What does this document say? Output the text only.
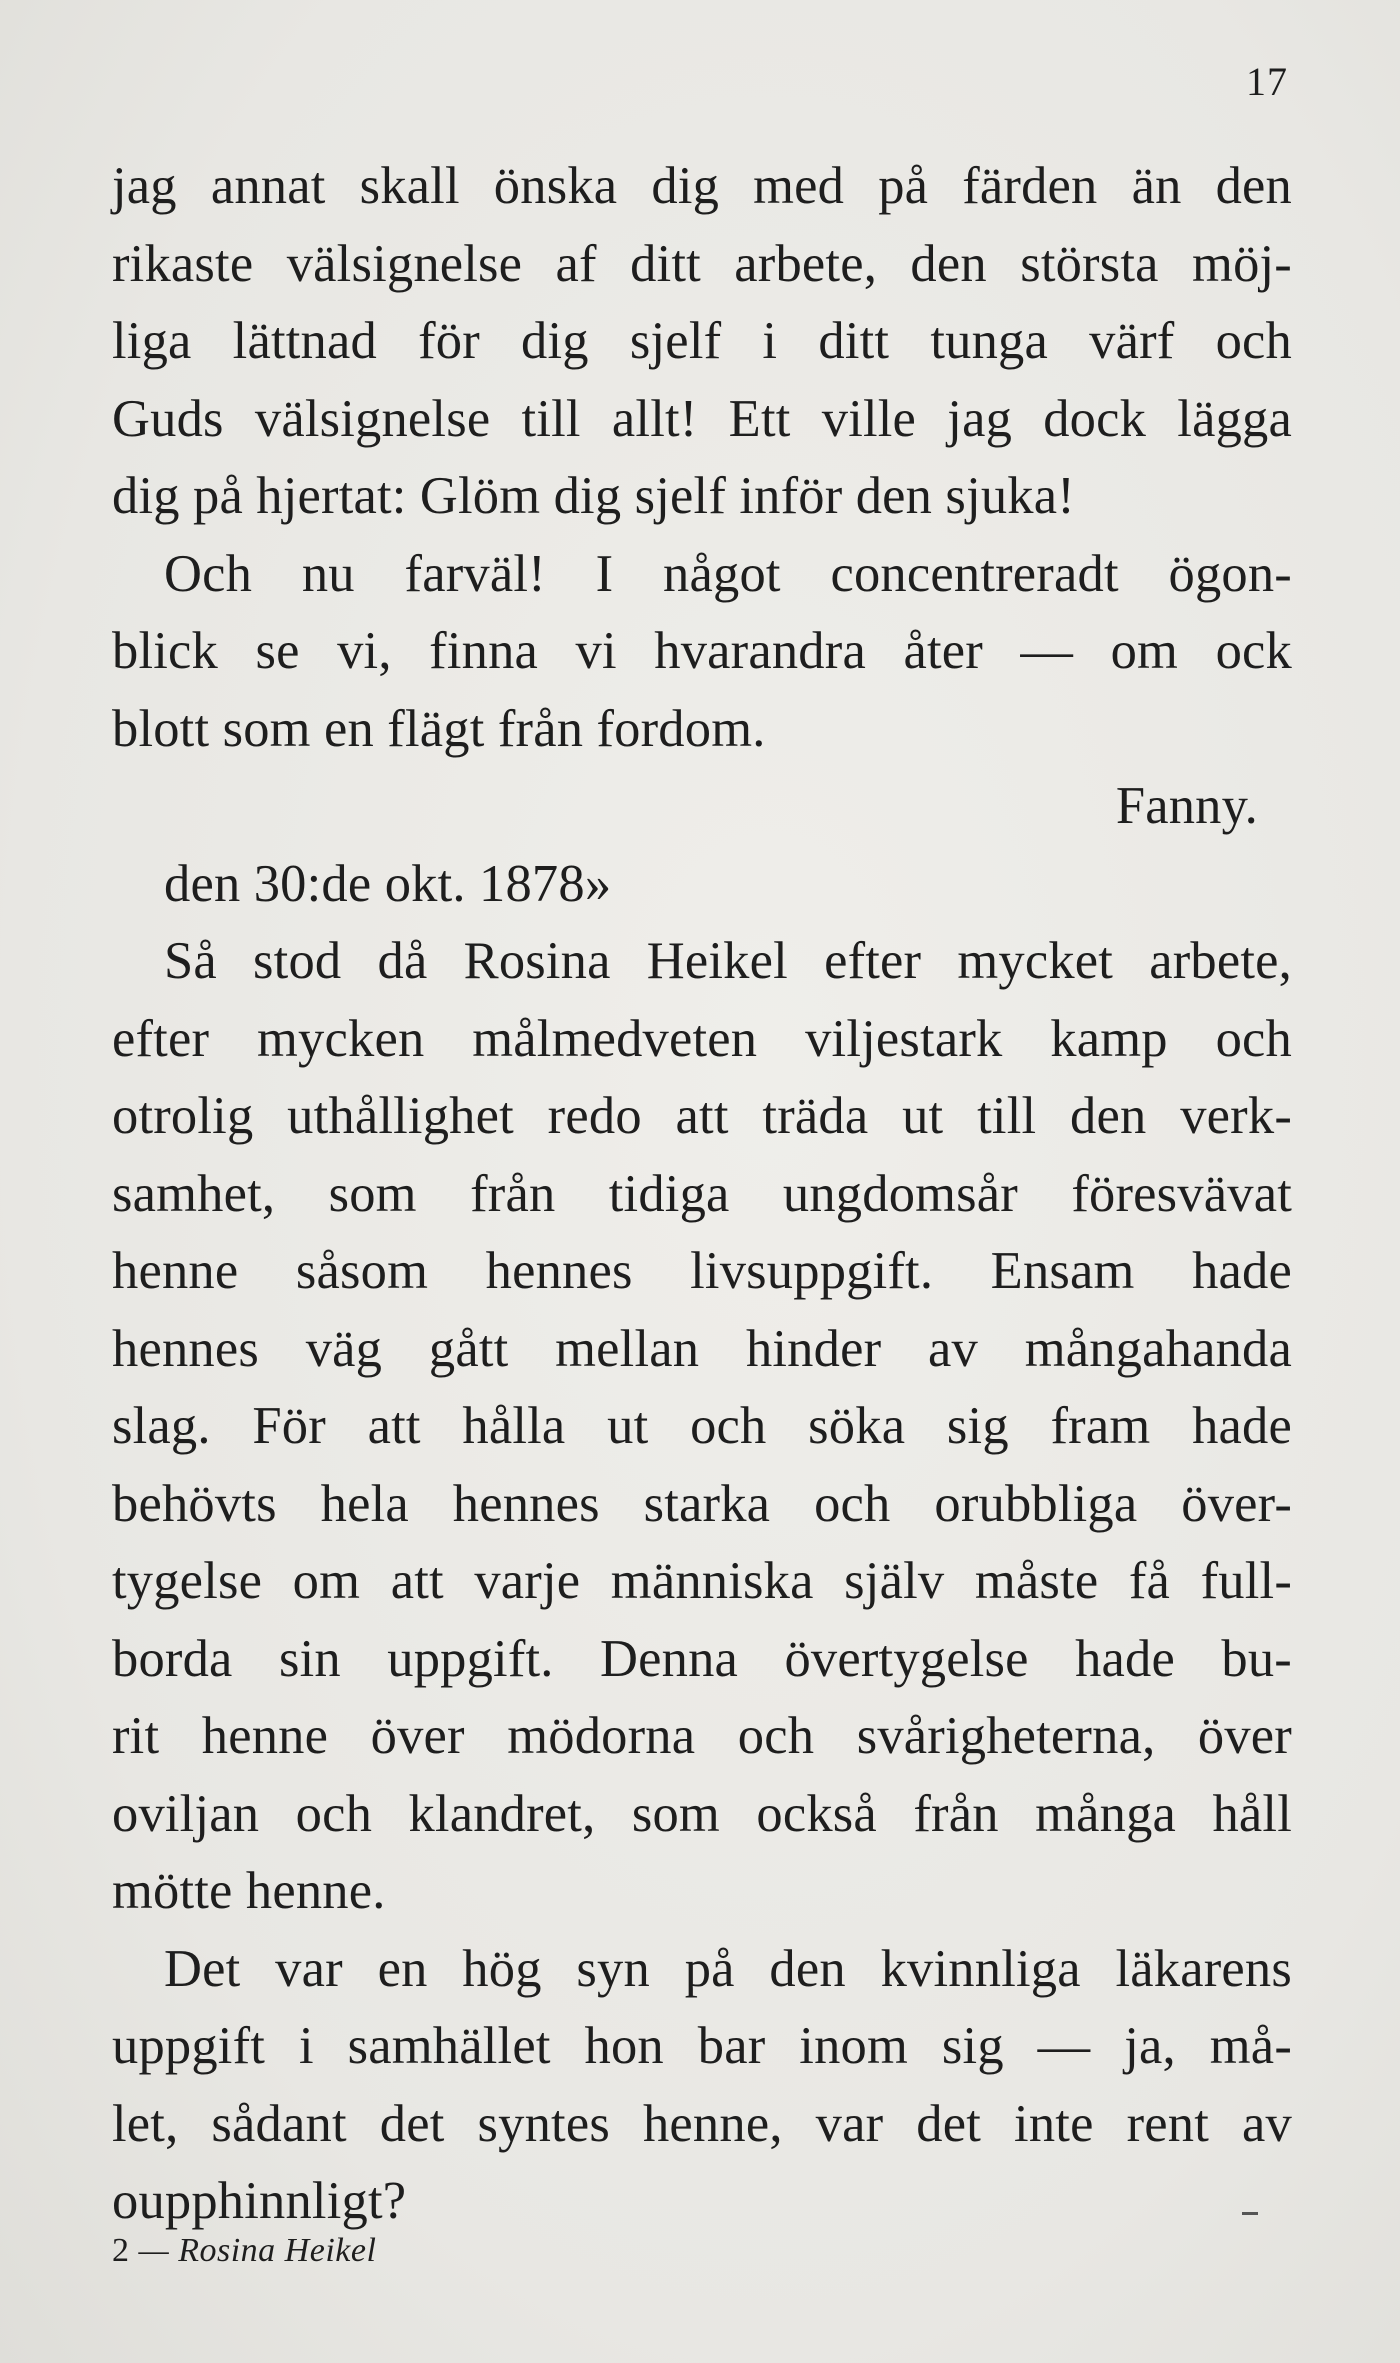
17
jag annat skall önska dig med på färden än den
rikaste välsignelse af ditt arbete, den största möj-
liga lättnad för dig sjelf i ditt tunga värf och
Guds välsignelse till allt! Ett ville jag dock lägga
dig på hjertat: Glöm dig sjelf inför den sjuka!
Och nu farväl! I något concentreradt ögon-
blick se vi, finna vi hvarandra åter — om ock
blott som en flägt från fordom.
Fanny.
den 30:de okt. 1878»
Så stod då Rosina Heikel efter mycket arbete,
efter mycken målmedveten viljestark kamp och
otrolig uthållighet redo att träda ut till den verk-
samhet, som från tidiga ungdomsår föresvävat
henne såsom hennes livsuppgift. Ensam hade
hennes väg gått mellan hinder av mångahanda
slag. För att hålla ut och söka sig fram hade
behövts hela hennes starka och orubbliga över-
tygelse om att varje människa själv måste få full-
borda sin uppgift. Denna övertygelse hade bu-
rit henne över mödorna och svårigheterna, över
oviljan och klandret, som också från många håll
mötte henne.
Det var en hög syn på den kvinnliga läkarens
uppgift i samhället hon bar inom sig — ja, må-
let, sådant det syntes henne, var det inte rent av
oupphinnligt?
2 — Rosina Heikel
